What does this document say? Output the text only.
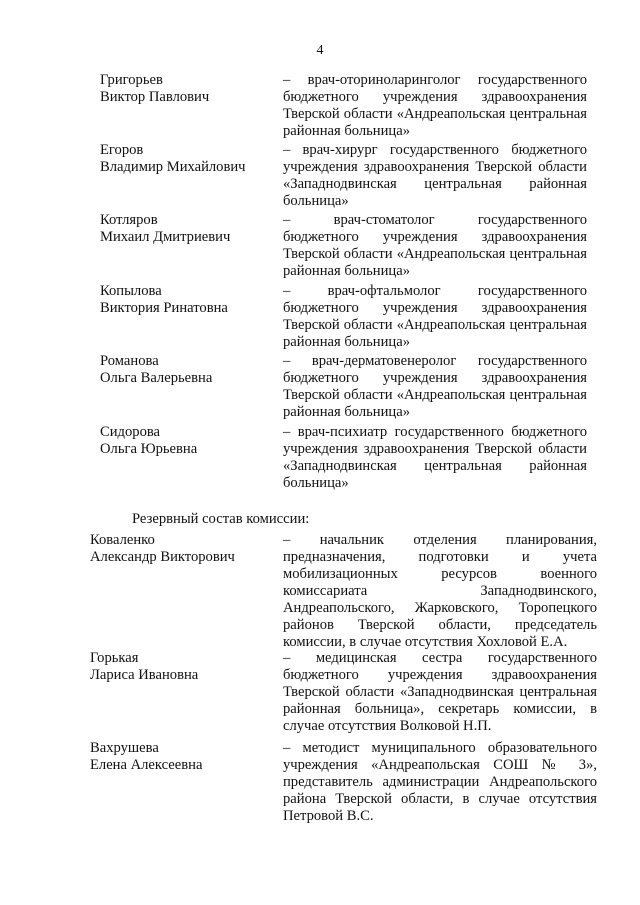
4
Григорьев
Виктор Павлович
– врач-оториноларинголог государственного бюджетного учреждения здравоохранения Тверской области «Андреапольская центральная районная больница»
Егоров
Владимир Михайлович
– врач-хирург государственного бюджетного учреждения здравоохранения Тверской области «Западнодвинская центральная районная больница»
Котляров
Михаил Дмитриевич
– врач-стоматолог государственного бюджетного учреждения здравоохранения Тверской области «Андреапольская центральная районная больница»
Копылова
Виктория Ринатовна
– врач-офтальмолог государственного бюджетного учреждения здравоохранения Тверской области «Андреапольская центральная районная больница»
Романова
Ольга Валерьевна
– врач-дерматовенеролог государственного бюджетного учреждения здравоохранения Тверской области «Андреапольская центральная районная больница»
Сидорова
Ольга Юрьевна
– врач-психиатр государственного бюджетного учреждения здравоохранения Тверской области «Западнодвинская центральная районная больница»
Резервный состав комиссии:
Коваленко
Александр Викторович
– начальник отделения планирования, предназначения, подготовки и учета мобилизационных ресурсов военного комиссариата Западнодвинского, Андреапольского, Жарковского, Торопецкого районов Тверской области, председатель комиссии, в случае отсутствия Хохловой Е.А.
Горькая
Лариса Ивановна
– медицинская сестра государственного бюджетного учреждения здравоохранения Тверской области «Западнодвинская центральная районная больница», секретарь комиссии, в случае отсутствия Волковой Н.П.
Вахрушева
Елена Алексеевна
– методист муниципального образовательного учреждения «Андреапольская СОШ № 3», представитель администрации Андреапольского района Тверской области, в случае отсутствия Петровой В.С.
